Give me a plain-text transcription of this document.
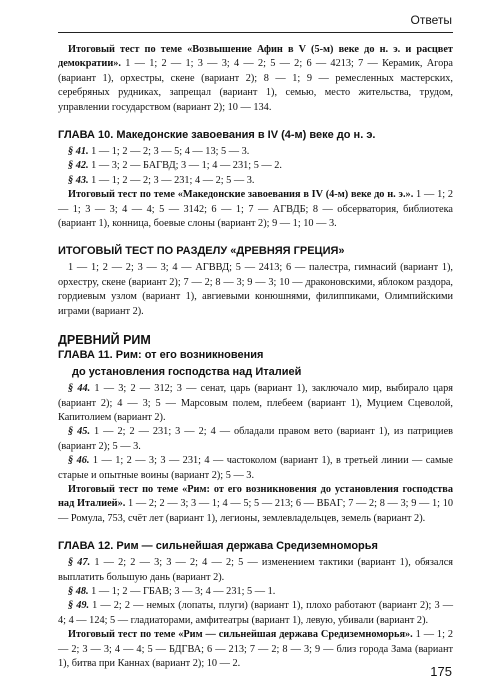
Ответы

Итоговый тест по теме «Возвышение Афин в V (5-м) веке до н. э. и расцвет демократии». 1 — 1; 2 — 1; 3 — 3; 4 — 2; 5 — 2; 6 — 4213; 7 — Керамик, Агора (вариант 1), орхестры, скене (вариант 2); 8 — 1; 9 — ремесленных мастерских, серебряных рудниках, запрещал (вариант 1), семью, место жительства, трудом, управлении государством (вариант 2); 10 — 134.

ГЛАВА 10. Македонские завоевания в IV (4-м) веке до н. э.

§ 41. 1 — 1; 2 — 2; 3 — 5; 4 — 13; 5 — 3.

§ 42. 1 — 3; 2 — БАГВД; 3 — 1; 4 — 231; 5 — 2.

§ 43. 1 — 1; 2 — 2; 3 — 231; 4 — 2; 5 — 3.

Итоговый тест по теме «Македонские завоевания в IV (4-м) веке до н. э.». 1 — 1; 2 — 1; 3 — 3; 4 — 4; 5 — 3142; 6 — 1; 7 — АГВДБ; 8 — обсерватория, библиотека (вариант 1), конница, боевые слоны (вариант 2); 9 — 1; 10 — 3.

ИТОГОВЫЙ ТЕСТ ПО РАЗДЕЛУ «ДРЕВНЯЯ ГРЕЦИЯ»

1 — 1; 2 — 2; 3 — 3; 4 — АГВВД; 5 — 2413; 6 — палестра, гимнасий (вариант 1), орхестру, скене (вариант 2); 7 — 2; 8 — 3; 9 — 3; 10 — драконовскими, яблоком раздора, гордиевым узлом (вариант 1), авгиевыми конюшнями, филиппиками, Олимпийскими играми (вариант 2).

ДРЕВНИЙ РИМ
ГЛАВА 11. Рим: от его возникновения
до установления господства над Италией

§ 44. 1 — 3; 2 — 312; 3 — сенат, царь (вариант 1), заключало мир, выбирало царя (вариант 2); 4 — 3; 5 — Марсовым полем, плебеем (вариант 1), Муцием Сцеволой, Капитолием (вариант 2).

§ 45. 1 — 2; 2 — 231; 3 — 2; 4 — обладали правом вето (вариант 1), из патрициев (вариант 2); 5 — 3.

§ 46. 1 — 1; 2 — 3; 3 — 231; 4 — частоколом (вариант 1), в третьей линии — самые старые и опытные воины (вариант 2); 5 — 3.

Итоговый тест по теме «Рим: от его возникновения до установления господства над Италией». 1 — 2; 2 — 3; 3 — 1; 4 — 5; 5 — 213; 6 — ВБАГ; 7 — 2; 8 — 3; 9 — 1; 10 — Ромула, 753, счёт лет (вариант 1), легионы, землевладельцев, земель (вариант 2).

ГЛАВА 12. Рим — сильнейшая держава Средиземноморья

§ 47. 1 — 2; 2 — 3; 3 — 2; 4 — 2; 5 — изменением тактики (вариант 1), обязался выплатить большую дань (вариант 2).

§ 48. 1 — 1; 2 — ГБАВ; 3 — 3; 4 — 231; 5 — 1.

§ 49. 1 — 2; 2 — немых (лопаты, плуги) (вариант 1), плохо работают (вариант 2); 3 — 4; 4 — 124; 5 — гладиаторами, амфитеатры (вариант 1), левую, убивали (вариант 2).

Итоговый тест по теме «Рим — сильнейшая держава Средиземноморья». 1 — 1; 2 — 2; 3 — 3; 4 — 4; 5 — БДГВА; 6 — 213; 7 — 2; 8 — 3; 9 — близ города Замa (вариант 1), битва при Каннах (вариант 2); 10 — 2.

175
